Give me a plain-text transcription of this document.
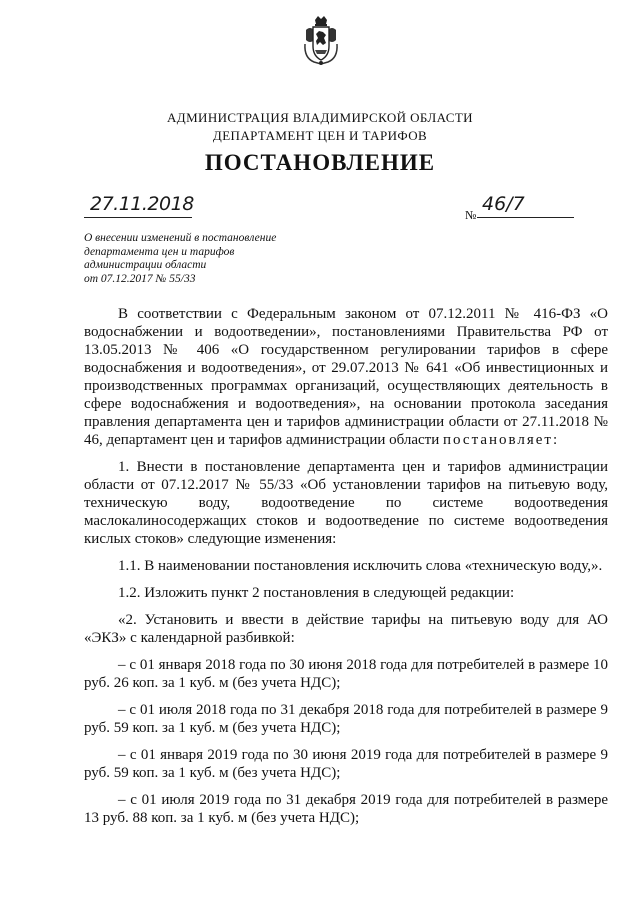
АДМИНИСТРАЦИЯ ВЛАДИМИРСКОЙ ОБЛАСТИ
ДЕПАРТАМЕНТ ЦЕН И ТАРИФОВ
ПОСТАНОВЛЕНИЕ
27.11.2018	№ 46/7
О внесении изменений в постановление
департамента цен и тарифов
администрации области
от 07.12.2017 № 55/33

В соответствии с Федеральным законом от 07.12.2011 № 416-ФЗ «О водоснабжении и водоотведении», постановлениями Правительства РФ от 13.05.2013 № 406 «О государственном регулировании тарифов в сфере водоснабжения и водоотведения», от 29.07.2013 № 641 «Об инвестиционных и производственных программах организаций, осуществляющих деятельность в сфере водоснабжения и водоотведения», на основании протокола заседания правления департамента цен и тарифов администрации области от 27.11.2018 № 46, департамент цен и тарифов администрации области постановляет:

1. Внести в постановление департамента цен и тарифов администрации области от 07.12.2017 № 55/33 «Об установлении тарифов на питьевую воду, техническую воду, водоотведение по системе водоотведения маслокалиносодержащих стоков и водоотведение по системе водоотведения кислых стоков» следующие изменения:

1.1. В наименовании постановления исключить слова «техническую воду,».

1.2. Изложить пункт 2 постановления в следующей редакции:

«2. Установить и ввести в действие тарифы на питьевую воду для АО «ЭКЗ» с календарной разбивкой:

– с 01 января 2018 года по 30 июня 2018 года для потребителей в размере 10 руб. 26 коп. за 1 куб. м (без учета НДС);

– с 01 июля 2018 года по 31 декабря 2018 года для потребителей в размере 9 руб. 59 коп. за 1 куб. м (без учета НДС);

– с 01 января 2019 года по 30 июня 2019 года для потребителей в размере 9 руб. 59 коп. за 1 куб. м (без учета НДС);

– с 01 июля 2019 года по 31 декабря 2019 года для потребителей в размере 13 руб. 88 коп. за 1 куб. м (без учета НДС);
